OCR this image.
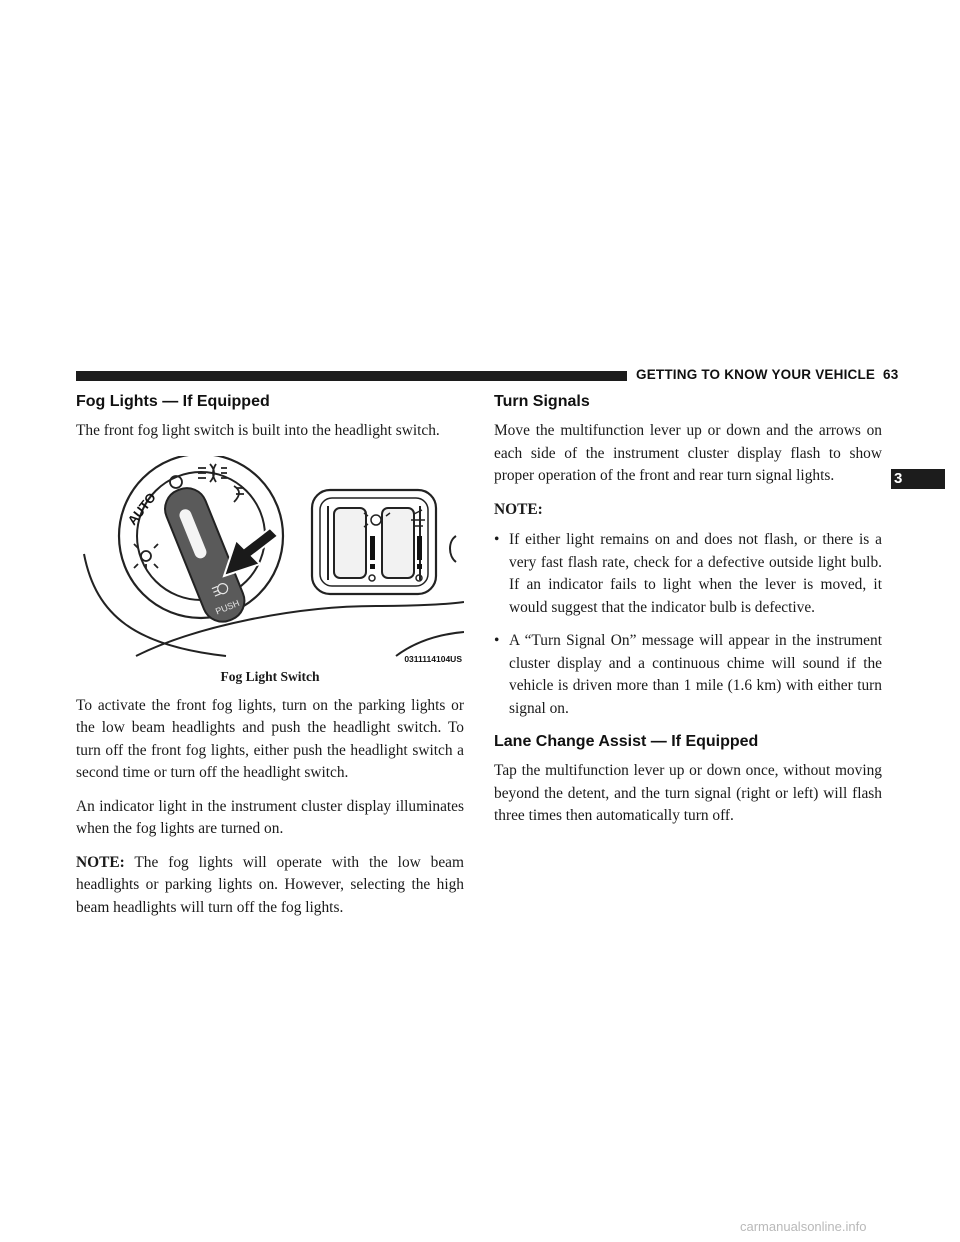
GETTING TO KNOW YOUR VEHICLE 63
3
Fog Lights — If Equipped

The front fog light switch is built into the headlight switch.

AUTO
PUSH
0311114104US
Fog Light Switch

To activate the front fog lights, turn on the parking lights or the low beam headlights and push the headlight switch. To turn off the front fog lights, either push the headlight switch a second time or turn off the headlight switch.

An indicator light in the instrument cluster display illuminates when the fog lights are turned on.

NOTE: The fog lights will operate with the low beam headlights or parking lights on. However, selecting the high beam headlights will turn off the fog lights.

Turn Signals

Move the multifunction lever up or down and the arrows on each side of the instrument cluster display flash to show proper operation of the front and rear turn signal lights.

NOTE:

• If either light remains on and does not flash, or there is a very fast flash rate, check for a defective outside light bulb. If an indicator fails to light when the lever is moved, it would suggest that the indicator bulb is defective.
• A “Turn Signal On” message will appear in the instrument cluster display and a continuous chime will sound if the vehicle is driven more than 1 mile (1.6 km) with either turn signal on.
Lane Change Assist — If Equipped

Tap the multifunction lever up or down once, without moving beyond the detent, and the turn signal (right or left) will flash three times then automatically turn off.

carmanualsonline.info
